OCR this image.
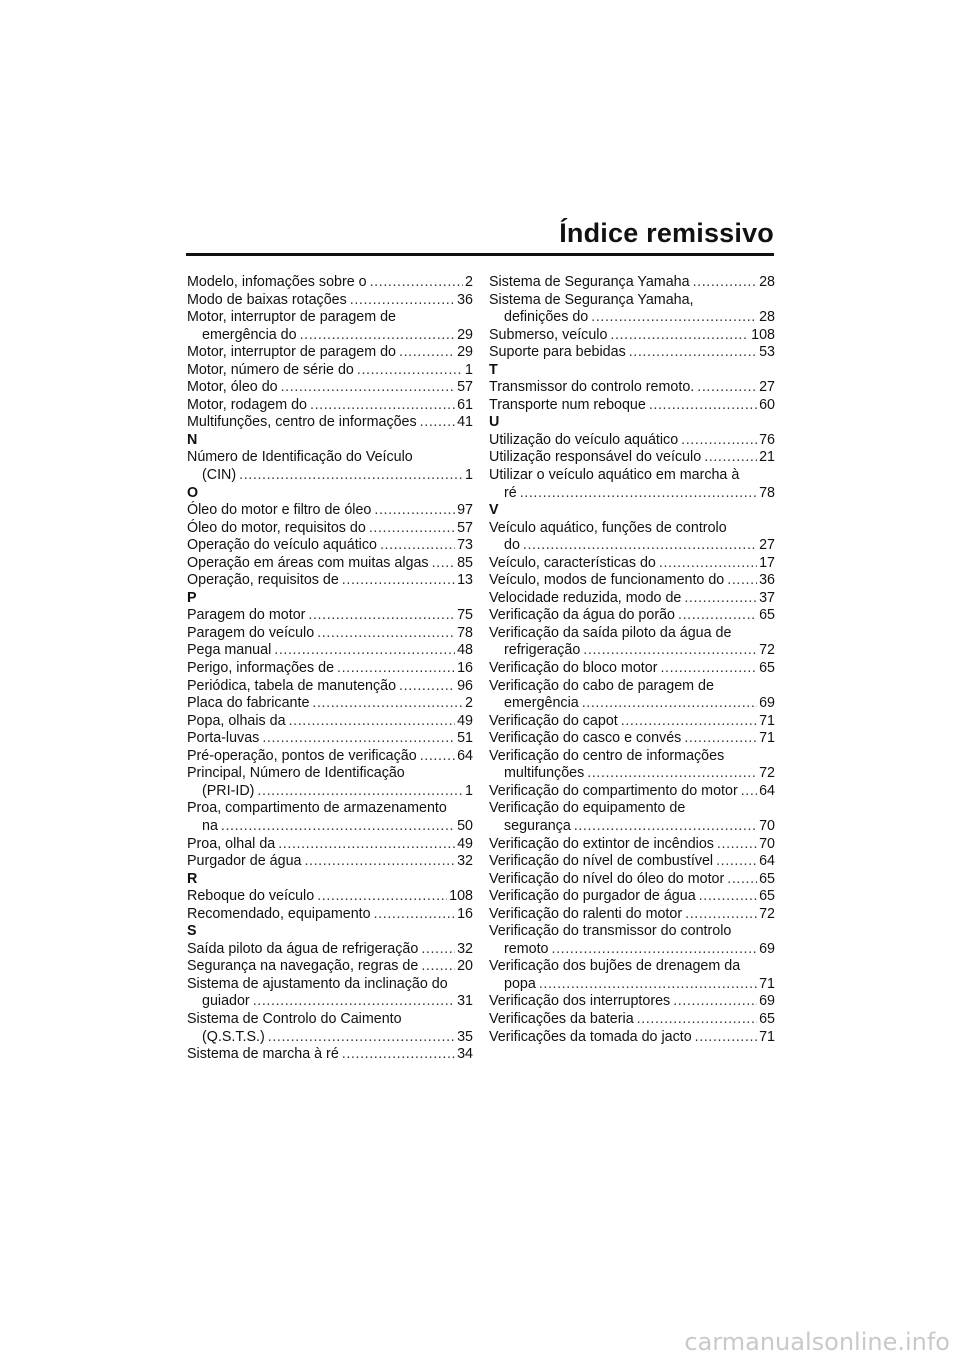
Índice remissivo
Modelo, infomações sobre o .....	2
Modo de baixas rotações .....	36
Motor, interruptor de paragem de
emergência do .....	29
Motor, interruptor de paragem do .....	29
Motor, número de série do .....	1
Motor, óleo do .....	57
Motor, rodagem do .....	61
Multifunções, centro de informações .....	41
N
Número de Identificação do Veículo
(CIN) .....	1
O
Óleo do motor e filtro de óleo .....	97
Óleo do motor, requisitos do .....	57
Operação do veículo aquático .....	73
Operação em áreas com muitas algas ..... 85
Operação, requisitos de .....	13
P
Paragem do motor .....	75
Paragem do veículo .....	78
Pega manual .....	48
Perigo, informações de .....	16
Periódica, tabela de manutenção .....	96
Placa do fabricante .....	2
Popa, olhais da .....	49
Porta-luvas .....	51
Pré-operação, pontos de verificação .....	64
Principal, Número de Identificação
(PRI-ID) .....	1
Proa, compartimento de armazenamento
na .....	50
Proa, olhal da .....	49
Purgador de água .....	32
R
Reboque do veículo .....	108
Recomendado, equipamento .....	16
S
Saída piloto da água de refrigeração .....	32
Segurança na navegação, regras de .....	20
Sistema de ajustamento da inclinação do
guiador .....	31
Sistema de Controlo do Caimento
(Q.S.T.S.) .....	35
Sistema de marcha à ré .....	34
Sistema de Segurança Yamaha .....	28
Sistema de Segurança Yamaha,
definições do .....	28
Submerso, veículo .....	108
Suporte para bebidas .....	53
T
Transmissor do controlo remoto. .....	27
Transporte num reboque .....	60
U
Utilização do veículo aquático .....	76
Utilização responsável do veículo .....	21
Utilizar o veículo aquático em marcha à
ré .....	78
V
Veículo aquático, funções de controlo
do .....	27
Veículo, características do .....	17
Veículo, modos de funcionamento do ..... 36
Velocidade reduzida, modo de .....	37
Verificação da água do porão .....	65
Verificação da saída piloto da água de
refrigeração .....	72
Verificação do bloco motor .....	65
Verificação do cabo de paragem de
emergência .....	69
Verificação do capot .....	71
Verificação do casco e convés .....	71
Verificação do centro de informações
multifunções .....	72
Verificação do compartimento do motor ..... 64
Verificação do equipamento de
segurança .....	70
Verificação do extintor de incêndios .....	70
Verificação do nível de combustível .....	64
Verificação do nível do óleo do motor ..... 65
Verificação do purgador de água .....	65
Verificação do ralenti do motor .....	72
Verificação do transmissor do controlo
remoto .....	69
Verificação dos bujões de drenagem da
popa .....	71
Verificação dos interruptores .....	69
Verificações da bateria .....	65
Verificações da tomada do jacto .....	71
carmanualsonline.info
